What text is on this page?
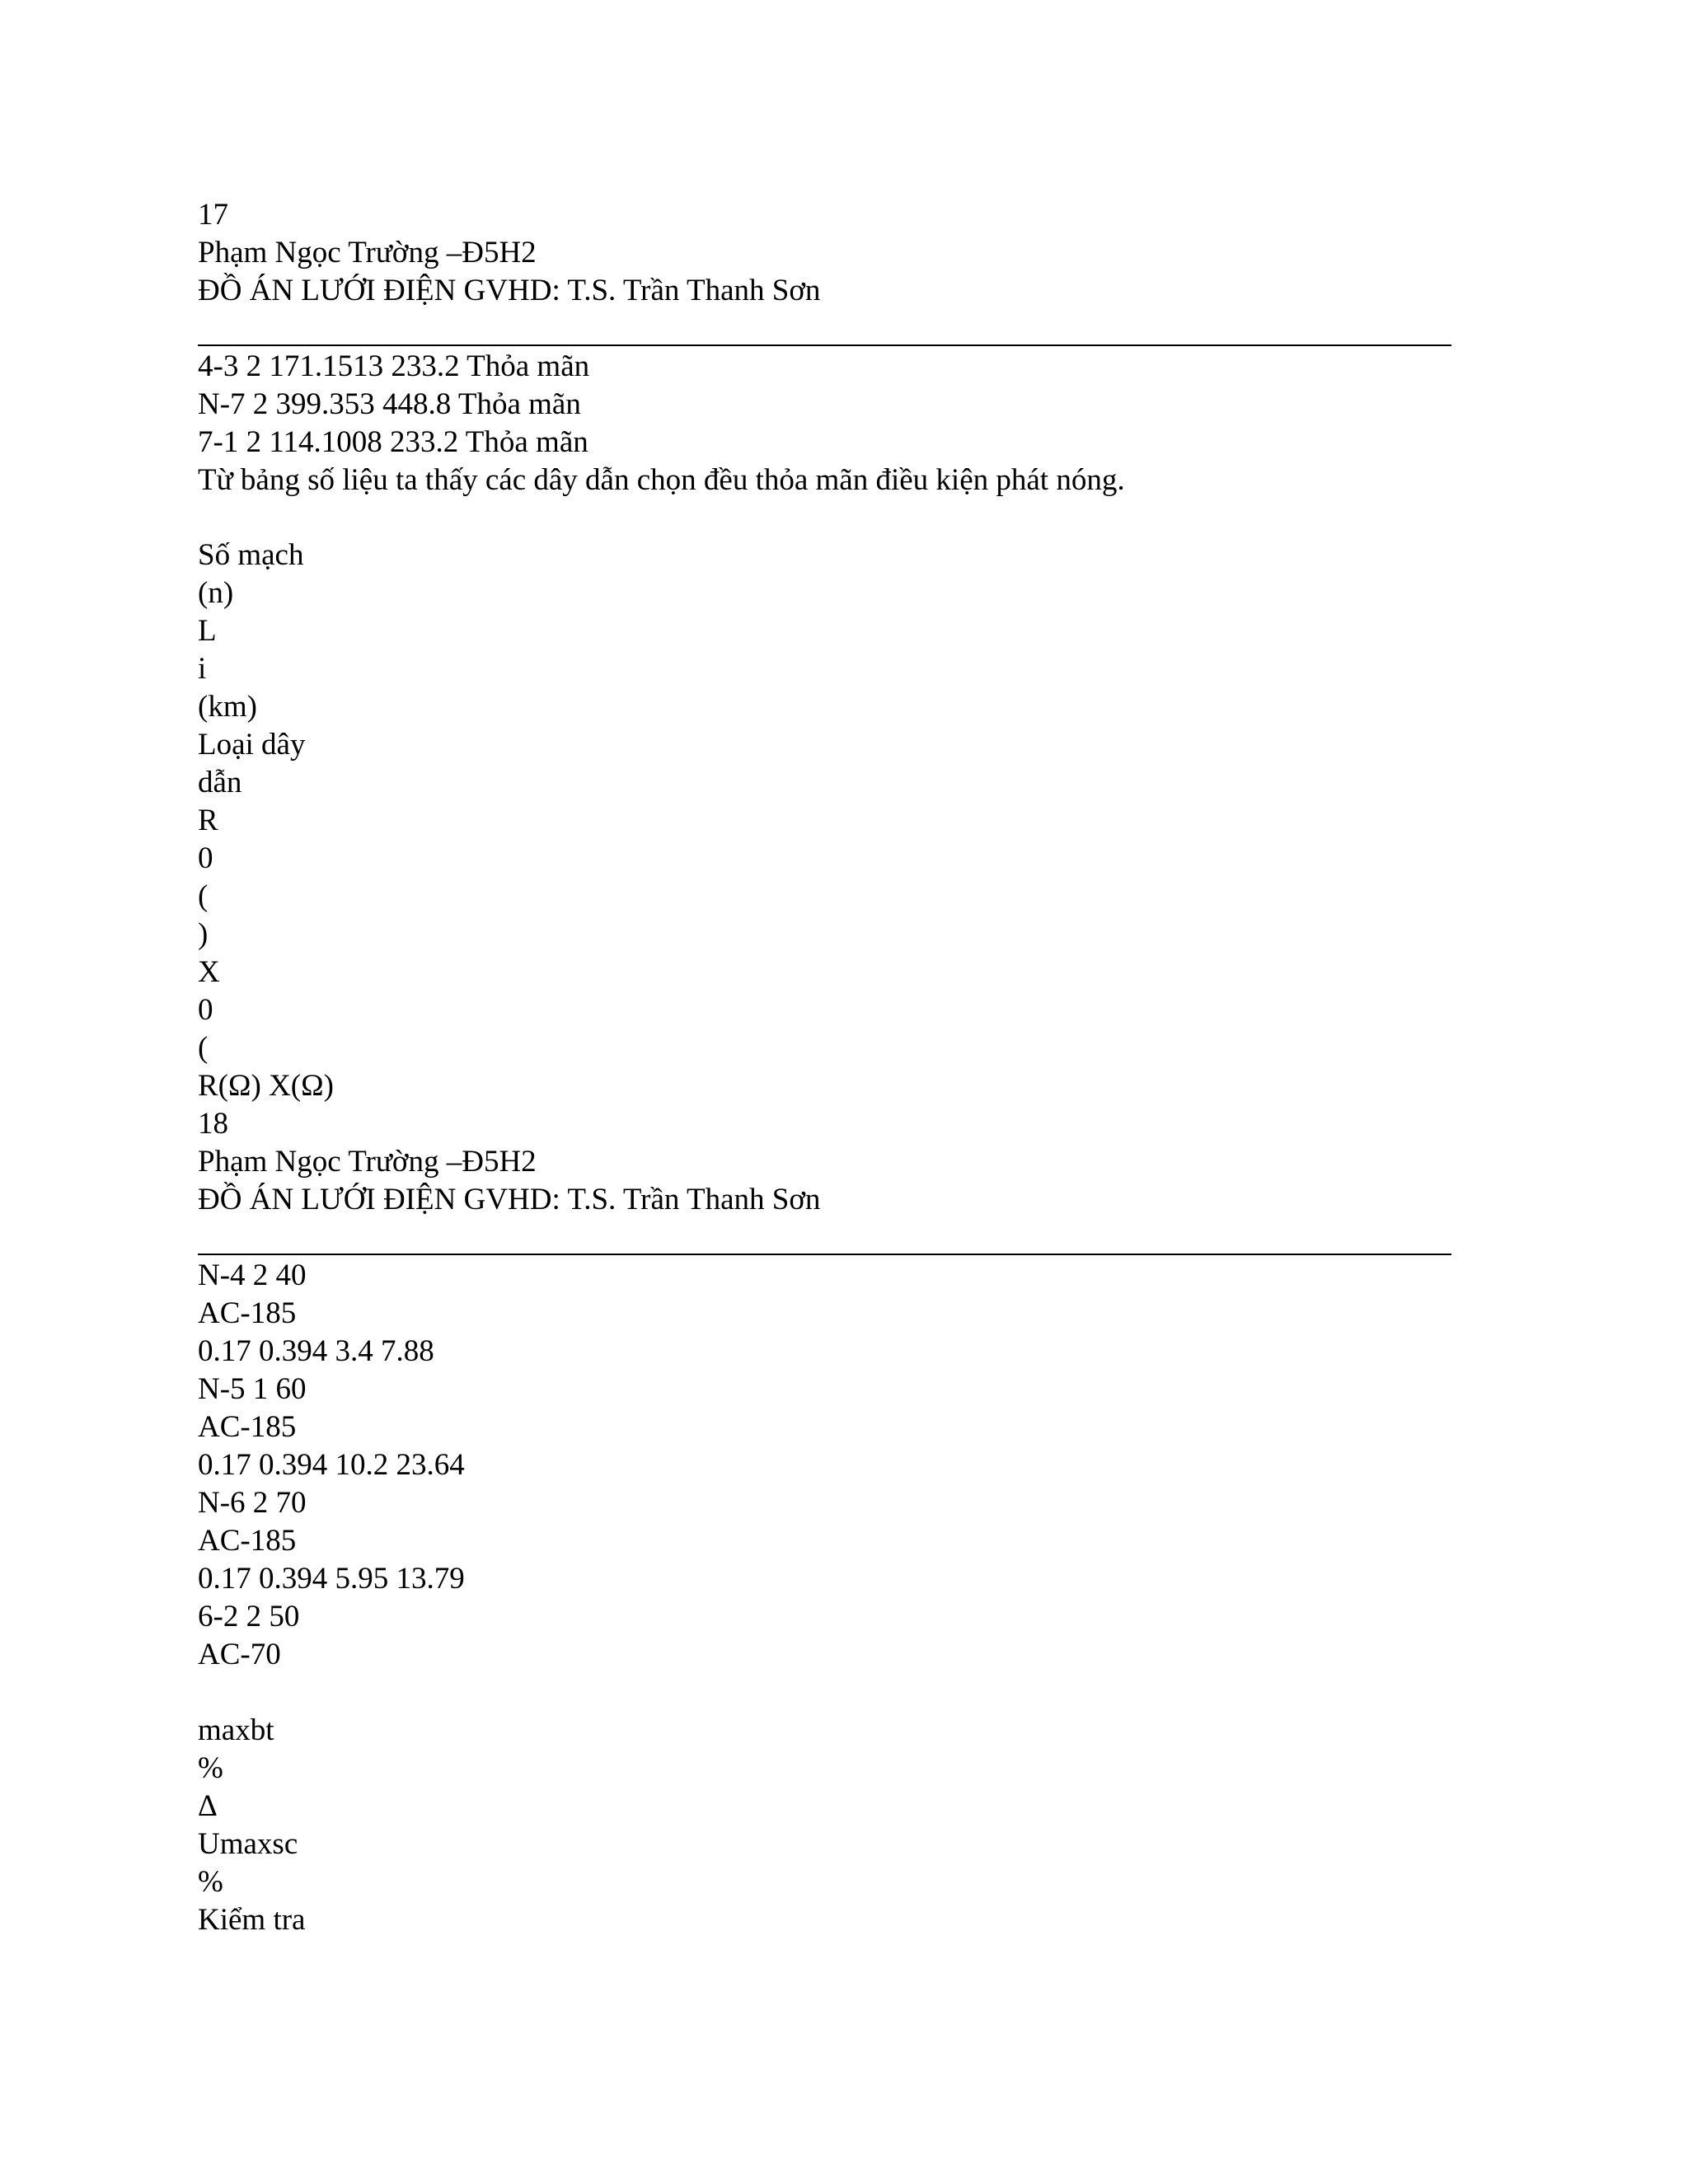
17
Phạm Ngọc Trường –Đ5H2
ĐỒ ÁN LƯỚI ĐIỆN GVHD: T.S. Trần Thanh Sơn
4-3 2 171.1513 233.2 Thỏa mãn
N-7 2 399.353 448.8 Thỏa mãn
7-1 2 114.1008 233.2 Thỏa mãn
Từ bảng số liệu ta thấy các dây dẫn chọn đều thỏa mãn điều kiện phát nóng.
Số mạch
(n)
L
i
(km)
Loại dây
dẫn
R
0
(
)
X
0
(
R(Ω) X(Ω)
18
Phạm Ngọc Trường –Đ5H2
ĐỒ ÁN LƯỚI ĐIỆN GVHD: T.S. Trần Thanh Sơn
N-4 2 40
AC-185
0.17 0.394 3.4 7.88
N-5 1 60
AC-185
0.17 0.394 10.2 23.64
N-6 2 70
AC-185
0.17 0.394 5.95 13.79
6-2 2 50
AC-70
maxbt
%
Δ
Umaxsc
%
Kiểm tra
